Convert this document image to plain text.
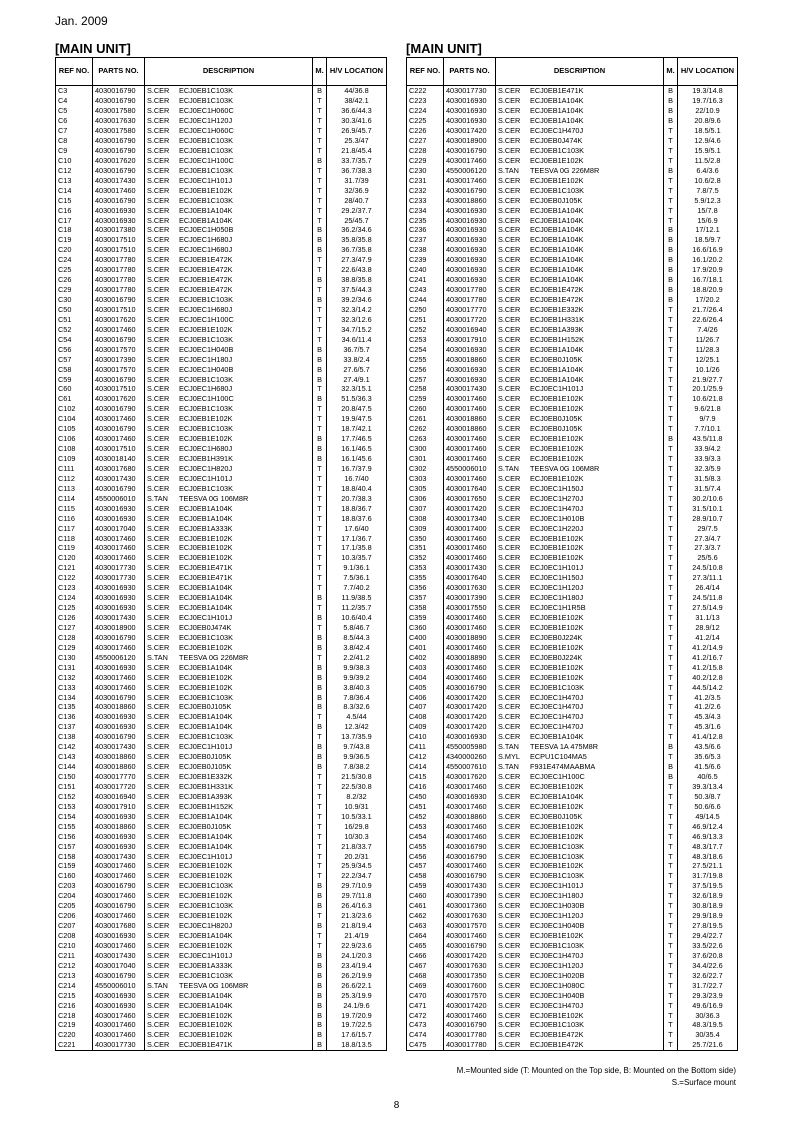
Jan. 2009
[MAIN UNIT]	[MAIN UNIT]
REF NO.	PARTS NO.	DESCRIPTION	M.	H/V LOCATION
C3	4030016790	S.CER ECJ0EB1C103K	B	44/36.8
C4	4030016790	S.CER ECJ0EB1C103K	T	38/42.1
C5	4030017580	S.CER ECJ0EC1H060C	T	36.6/44.3
C6	4030017630	S.CER ECJ0EC1H120J	T	30.3/41.6
C7	4030017580	S.CER ECJ0EC1H060C	T	26.9/45.7
C8	4030016790	S.CER ECJ0EB1C103K	T	25.3/47
C9	4030016790	S.CER ECJ0EB1C103K	T	21.8/45.4
C10	4030017620	S.CER ECJ0EC1H100C	B	33.7/35.7
C12	4030016790	S.CER ECJ0EB1C103K	T	36.7/38.3
C13	4030017430	S.CER ECJ0EC1H101J	T	31.7/39
C14	4030017460	S.CER ECJ0EB1E102K	T	32/36.9
C15	4030016790	S.CER ECJ0EB1C103K	T	28/40.7
C16	4030016930	S.CER ECJ0EB1A104K	T	29.2/37.7
C17	4030016930	S.CER ECJ0EB1A104K	T	25/45.7
C18	4030017380	S.CER ECJ0EC1H050B	B	36.2/34.6
C19	4030017510	S.CER ECJ0EC1H680J	B	35.8/35.8
C20	4030017510	S.CER ECJ0EC1H680J	B	36.7/35.8
C24	4030017780	S.CER ECJ0EB1E472K	T	27.3/47.9
C25	4030017780	S.CER ECJ0EB1E472K	T	22.6/43.8
C26	4030017780	S.CER ECJ0EB1E472K	B	38.8/35.8
C29	4030017780	S.CER ECJ0EB1E472K	T	37.5/44.3
C30	4030016790	S.CER ECJ0EB1C103K	B	39.2/34.6
C50	4030017510	S.CER ECJ0EC1H680J	T	32.3/14.2
C51	4030017620	S.CER ECJ0EC1H100C	T	32.3/12.6
C52	4030017460	S.CER ECJ0EB1E102K	T	34.7/15.2
C54	4030016790	S.CER ECJ0EB1C103K	T	34.6/11.4
C56	4030017570	S.CER ECJ0EC1H040B	B	36.7/5.7
C57	4030017390	S.CER ECJ0EC1H180J	B	33.8/2.4
C58	4030017570	S.CER ECJ0EC1H040B	B	27.6/5.7
C59	4030016790	S.CER ECJ0EB1C103K	B	27.4/9.1
C60	4030017510	S.CER ECJ0EC1H680J	T	32.3/15.1
C61	4030017620	S.CER ECJ0EC1H100C	B	51.5/36.3
C102	4030016790	S.CER ECJ0EB1C103K	T	20.8/47.5
C104	4030017460	S.CER ECJ0EB1E102K	T	19.9/47.5
C105	4030016790	S.CER ECJ0EB1C103K	T	18.7/42.1
C106	4030017460	S.CER ECJ0EB1E102K	B	17.7/46.5
C108	4030017510	S.CER ECJ0EC1H680J	B	16.1/46.5
C109	4030018140	S.CER ECJ0EB1H391K	B	16.1/45.6
C111	4030017680	S.CER ECJ0EC1H820J	T	16.7/37.9
C112	4030017430	S.CER ECJ0EC1H101J	T	16.7/40
C113	4030016790	S.CER ECJ0EB1C103K	T	18.8/40.4
C114	4550006010	S.TAN TEESVA 0G 106M8R	T	20.7/38.3
C115	4030016930	S.CER ECJ0EB1A104K	T	18.8/36.7
C116	4030016930	S.CER ECJ0EB1A104K	T	18.8/37.6
C117	4030017040	S.CER ECJ0EB1A333K	T	17.6/40
C118	4030017460	S.CER ECJ0EB1E102K	T	17.1/36.7
C119	4030017460	S.CER ECJ0EB1E102K	T	17.1/35.8
C120	4030017460	S.CER ECJ0EB1E102K	T	10.3/35.7
C121	4030017730	S.CER ECJ0EB1E471K	T	9.1/36.1
C122	4030017730	S.CER ECJ0EB1E471K	T	7.5/36.1
C123	4030016930	S.CER ECJ0EB1A104K	T	7.7/40.2
C124	4030016930	S.CER ECJ0EB1A104K	B	11.9/38.5
C125	4030016930	S.CER ECJ0EB1A104K	T	11.2/35.7
C126	4030017430	S.CER ECJ0EC1H101J	B	10.6/40.4
C127	4030018900	S.CER ECJ0EB0J474K	T	5.8/46.7
C128	4030016790	S.CER ECJ0EB1C103K	B	8.5/44.3
C129	4030017460	S.CER ECJ0EB1E102K	B	3.8/42.4
C130	4550006120	S.TAN TEESVA 0G 226M8R	T	2.2/41.2
C131	4030016930	S.CER ECJ0EB1A104K	B	9.9/38.3
C132	4030017460	S.CER ECJ0EB1E102K	B	9.9/39.2
C133	4030017460	S.CER ECJ0EB1E102K	B	3.8/40.3
C134	4030016790	S.CER ECJ0EB1C103K	B	7.8/36.4
C135	4030018860	S.CER ECJ0EB0J105K	B	8.3/32.6
C136	4030016930	S.CER ECJ0EB1A104K	T	4.5/44
C137	4030016930	S.CER ECJ0EB1A104K	B	12.3/42
C138	4030016790	S.CER ECJ0EB1C103K	T	13.7/35.9
C142	4030017430	S.CER ECJ0EC1H101J	B	9.7/43.8
C143	4030018860	S.CER ECJ0EB0J105K	B	9.9/36.5
C144	4030018860	S.CER ECJ0EB0J105K	B	7.8/38.2
C150	4030017770	S.CER ECJ0EB1E332K	T	21.5/30.8
C151	4030017720	S.CER ECJ0EB1H331K	T	22.5/30.8
C152	4030016940	S.CER ECJ0EB1A393K	T	8.2/32
C153	4030017910	S.CER ECJ0EB1H152K	T	10.9/31
C154	4030016930	S.CER ECJ0EB1A104K	T	10.5/33.1
C155	4030018860	S.CER ECJ0EB0J105K	T	16/29.8
C156	4030016930	S.CER ECJ0EB1A104K	T	10/30.3
C157	4030016930	S.CER ECJ0EB1A104K	T	21.8/33.7
C158	4030017430	S.CER ECJ0EC1H101J	T	20.2/31
C159	4030017460	S.CER ECJ0EB1E102K	T	25.9/34.5
C160	4030017460	S.CER ECJ0EB1E102K	T	22.2/34.7
C203	4030016790	S.CER ECJ0EB1C103K	B	29.7/10.9
C204	4030017460	S.CER ECJ0EB1E102K	B	29.7/11.8
C205	4030016790	S.CER ECJ0EB1C103K	B	26.4/16.3
C206	4030017460	S.CER ECJ0EB1E102K	T	21.3/23.6
C207	4030017680	S.CER ECJ0EC1H820J	B	21.8/19.4
C208	4030016930	S.CER ECJ0EB1A104K	T	21.4/19
C210	4030017460	S.CER ECJ0EB1E102K	T	22.9/23.6
C211	4030017430	S.CER ECJ0EC1H101J	B	24.1/20.3
C212	4030017040	S.CER ECJ0EB1A333K	B	23.4/19.4
C213	4030016790	S.CER ECJ0EB1C103K	B	26.2/19.9
C214	4550006010	S.TAN TEESVA 0G 106M8R	B	26.6/22.1
C215	4030016930	S.CER ECJ0EB1A104K	B	25.3/19.9
C216	4030016930	S.CER ECJ0EB1A104K	B	24.1/9.6
C218	4030017460	S.CER ECJ0EB1E102K	B	19.7/20.9
C219	4030017460	S.CER ECJ0EB1E102K	B	19.7/22.5
C220	4030017460	S.CER ECJ0EB1E102K	B	17.6/15.7
C221	4030017730	S.CER ECJ0EB1E471K	B	18.8/13.5
REF NO.	PARTS NO.	DESCRIPTION	M.	H/V LOCATION
C222	4030017730	S.CER ECJ0EB1E471K	B	19.3/14.8
C223	4030016930	S.CER ECJ0EB1A104K	B	19.7/16.3
C224	4030016930	S.CER ECJ0EB1A104K	B	22/10.9
C225	4030016930	S.CER ECJ0EB1A104K	B	20.8/9.6
C226	4030017420	S.CER ECJ0EC1H470J	T	18.5/5.1
C227	4030018900	S.CER ECJ0EB0J474K	T	12.9/4.6
C228	4030016790	S.CER ECJ0EB1C103K	T	15.9/5.1
C229	4030017460	S.CER ECJ0EB1E102K	T	11.5/2.8
C230	4550006120	S.TAN TEESVA 0G 226M8R	B	6.4/3.6
C231	4030017460	S.CER ECJ0EB1E102K	T	10.6/2.8
C232	4030016790	S.CER ECJ0EB1C103K	T	7.8/7.5
C233	4030018860	S.CER ECJ0EB0J105K	T	5.9/12.3
C234	4030016930	S.CER ECJ0EB1A104K	T	15/7.8
C235	4030016930	S.CER ECJ0EB1A104K	T	15/6.9
C236	4030016930	S.CER ECJ0EB1A104K	B	17/12.1
C237	4030016930	S.CER ECJ0EB1A104K	B	18.5/9.7
C238	4030016930	S.CER ECJ0EB1A104K	B	16.6/16.9
C239	4030016930	S.CER ECJ0EB1A104K	B	16.1/20.2
C240	4030016930	S.CER ECJ0EB1A104K	B	17.9/20.9
C241	4030016930	S.CER ECJ0EB1A104K	B	16.7/18.1
C243	4030017780	S.CER ECJ0EB1E472K	B	18.8/20.9
C244	4030017780	S.CER ECJ0EB1E472K	B	17/20.2
C250	4030017770	S.CER ECJ0EB1E332K	T	21.7/26.4
C251	4030017720	S.CER ECJ0EB1H331K	T	22.6/26.4
C252	4030016940	S.CER ECJ0EB1A393K	T	7.4/26
C253	4030017910	S.CER ECJ0EB1H152K	T	11/26.7
C254	4030016930	S.CER ECJ0EB1A104K	T	11/28.3
C255	4030018860	S.CER ECJ0EB0J105K	T	12/25.1
C256	4030016930	S.CER ECJ0EB1A104K	T	10.1/26
C257	4030016930	S.CER ECJ0EB1A104K	T	21.9/27.7
C258	4030017430	S.CER ECJ0EC1H101J	T	20.1/25.9
C259	4030017460	S.CER ECJ0EB1E102K	T	10.6/21.8
C260	4030017460	S.CER ECJ0EB1E102K	T	9.6/21.8
C261	4030018860	S.CER ECJ0EB0J105K	T	9/7.9
C262	4030018860	S.CER ECJ0EB0J105K	T	7.7/10.1
C263	4030017460	S.CER ECJ0EB1E102K	B	43.5/11.8
C300	4030017460	S.CER ECJ0EB1E102K	T	33.9/4.2
C301	4030017460	S.CER ECJ0EB1E102K	T	33.9/3.3
C302	4550006010	S.TAN TEESVA 0G 106M8R	T	32.3/5.9
C303	4030017460	S.CER ECJ0EB1E102K	T	31.5/8.3
C305	4030017640	S.CER ECJ0EC1H150J	T	31.5/7.4
C306	4030017650	S.CER ECJ0EC1H270J	T	30.2/10.6
C307	4030017420	S.CER ECJ0EC1H470J	T	31.5/10.1
C308	4030017340	S.CER ECJ0EC1H010B	T	28.9/10.7
C309	4030017400	S.CER ECJ0EC1H220J	T	29/7.5
C350	4030017460	S.CER ECJ0EB1E102K	T	27.3/4.7
C351	4030017460	S.CER ECJ0EB1E102K	T	27.3/3.7
C352	4030017460	S.CER ECJ0EB1E102K	T	25/5.6
C353	4030017430	S.CER ECJ0EC1H101J	T	24.5/10.8
C355	4030017640	S.CER ECJ0EC1H150J	T	27.3/11.1
C356	4030017630	S.CER ECJ0EC1H120J	T	26.4/14
C357	4030017390	S.CER ECJ0EC1H180J	T	24.5/11.8
C358	4030017550	S.CER ECJ0EC1H1R5B	T	27.5/14.9
C359	4030017460	S.CER ECJ0EB1E102K	T	31.1/13
C360	4030017460	S.CER ECJ0EB1E102K	T	28.9/12
C400	4030018890	S.CER ECJ0EB0J224K	T	41.2/14
C401	4030017460	S.CER ECJ0EB1E102K	T	41.2/14.9
C402	4030018890	S.CER ECJ0EB0J224K	T	41.2/16.7
C403	4030017460	S.CER ECJ0EB1E102K	T	41.2/15.8
C404	4030017460	S.CER ECJ0EB1E102K	T	40.2/12.8
C405	4030016790	S.CER ECJ0EB1C103K	T	44.5/14.2
C406	4030017420	S.CER ECJ0EC1H470J	T	41.2/3.5
C407	4030017420	S.CER ECJ0EC1H470J	T	41.2/2.6
C408	4030017420	S.CER ECJ0EC1H470J	T	45.3/4.3
C409	4030017420	S.CER ECJ0EC1H470J	T	45.3/1.6
C410	4030016930	S.CER ECJ0EB1A104K	T	41.4/12.8
C411	4550005980	S.TAN TEESVA 1A 475M8R	B	43.5/6.6
C412	4340000260	S.MYL ECPU1C104MA5	T	35.6/5.3
C414	4550007610	S.TAN F931E474MAABMA	B	41.5/6.6
C415	4030017620	S.CER ECJ0EC1H100C	B	40/6.5
C416	4030017460	S.CER ECJ0EB1E102K	T	39.3/13.4
C450	4030016930	S.CER ECJ0EB1A104K	T	50.3/8.7
C451	4030017460	S.CER ECJ0EB1E102K	T	50.6/6.6
C452	4030018860	S.CER ECJ0EB0J105K	T	49/14.5
C453	4030017460	S.CER ECJ0EB1E102K	T	46.9/12.4
C454	4030017460	S.CER ECJ0EB1E102K	T	46.9/13.3
C455	4030016790	S.CER ECJ0EB1C103K	T	48.3/17.7
C456	4030016790	S.CER ECJ0EB1C103K	T	48.3/18.6
C457	4030017460	S.CER ECJ0EB1E102K	T	27.5/21.1
C458	4030016790	S.CER ECJ0EB1C103K	T	31.7/19.8
C459	4030017430	S.CER ECJ0EC1H101J	T	37.5/19.5
C460	4030017390	S.CER ECJ0EC1H180J	T	32.6/18.9
C461	4030017360	S.CER ECJ0EC1H030B	T	30.8/18.9
C462	4030017630	S.CER ECJ0EC1H120J	T	29.9/18.9
C463	4030017570	S.CER ECJ0EC1H040B	T	27.8/19.5
C464	4030017460	S.CER ECJ0EB1E102K	T	29.4/22.7
C465	4030016790	S.CER ECJ0EB1C103K	T	33.5/22.6
C466	4030017420	S.CER ECJ0EC1H470J	T	37.6/20.8
C467	4030017630	S.CER ECJ0EC1H120J	T	34.4/22.6
C468	4030017350	S.CER ECJ0EC1H020B	T	32.6/22.7
C469	4030017600	S.CER ECJ0EC1H080C	T	31.7/22.7
C470	4030017570	S.CER ECJ0EC1H040B	T	29.3/23.9
C471	4030017420	S.CER ECJ0EC1H470J	T	49.6/16.9
C472	4030017460	S.CER ECJ0EB1E102K	T	30/36.3
C473	4030016790	S.CER ECJ0EB1C103K	T	48.3/19.5
C474	4030017780	S.CER ECJ0EB1E472K	T	30/35.4
C475	4030017780	S.CER ECJ0EB1E472K	T	25.7/21.6
M.=Mounted side (T: Mounted on the Top side, B: Mounted on the Bottom side)
S.=Surface mount
8
